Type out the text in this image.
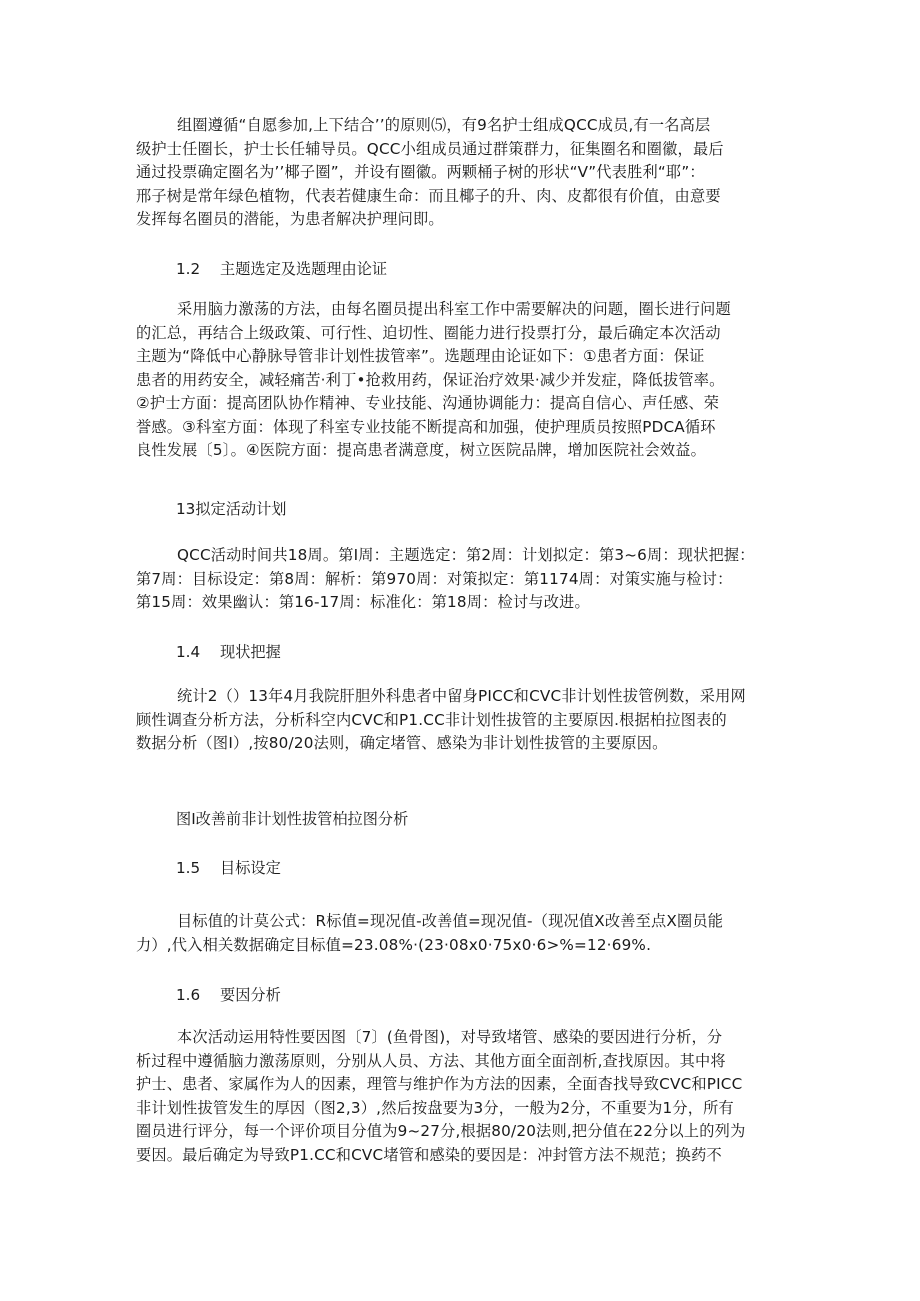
组圈遵循“自愿参加,上下结合’’的原则⑸，有9名护士组成QCC成员,有一名高层
级护士任圈长，护士长任辅导员。QCC小组成员通过群策群力，征集圈名和圈徽，最后
通过投票确定圈名为’’椰子圈”，并设有圈徽。两颗桶子树的形状“V”代表胜利“耶”：
邢子树是常年绿色植物，代表若健康生命：而且椰子的升、肉、皮都很有价值，由意要
发挥每名圈员的潜能，为患者解决护理问即。

1.2 主题选定及选题理由论证

采用脑力激荡的方法，由每名圈员提出科室工作中需要解决的问题，圈长进行问题
的汇总，再结合上级政策、可行性、迫切性、圈能力进行投票打分，最后确定本次活动
主题为“降低中心静脉导管非计划性拔管率”。选题理由论证如下：①患者方面：保证
患者的用药安全，减轻痛苦·利丁•抢救用药，保证治疗效果·减少并发症，降低拔管率。
②护士方面：提高团队协作精神、专业技能、沟通协调能力：提高自信心、声任感、荣
誉感。③科室方面：体现了科室专业技能不断提高和加强，使护理质员按照PDCA循环
良性发展〔5〕。④医院方面：提高患者满意度，树立医院品牌，增加医院社会效益。

13拟定活动计划

QCC活动时间共18周。第I周：主题选定：第2周：计划拟定：第3~6周：现状把握：
第7周：目标设定：第8周：解析：第970周：对策拟定：第1174周：对策实施与检讨：
第15周：效果幽认：第16-17周：标准化：第18周：检讨与改进。

1.4 现状把握

统计2（）13年4月我院肝胆外科患者中留身PICC和CVC非计划性拔管例数，采用网
顾性调查分析方法，分析科空内CVC和P1.CC非计划性拔管的主要原因.根据柏拉图表的
数据分析（图I）,按80/20法则，确定堵管、感染为非计划性拔管的主要原因。

图I改善前非计划性拔管柏拉图分析

1.5 目标设定

目标值的计莫公式：R标值=现况值-改善值=现况值-（现况值X改善至点X圈员能
力）,代入相关数据确定目标值=23.08%·(23·08x0·75x0·6>%=12·69%.

1.6 要因分析

本次活动运用特性要因图〔7〕(鱼骨图)，对导致堵管、感染的要因进行分析，分
析过程中遵循脑力激荡原则，分别从人员、方法、其他方面全面剖析,查找原因。其中将
护士、患者、家属作为人的因素，理管与维护作为方法的因素，全面杳找导致CVC和PICC
非计划性拔管发生的厚因（图2,3）,然后按盘要为3分，一般为2分，不重要为1分，所有
圈员进行评分，每一个评价项目分值为9~27分,根据80/20法则,把分值在22分以上的列为
要因。最后确定为导致P1.CC和CVC堵管和感染的要因是：冲封管方法不规范；换药不
